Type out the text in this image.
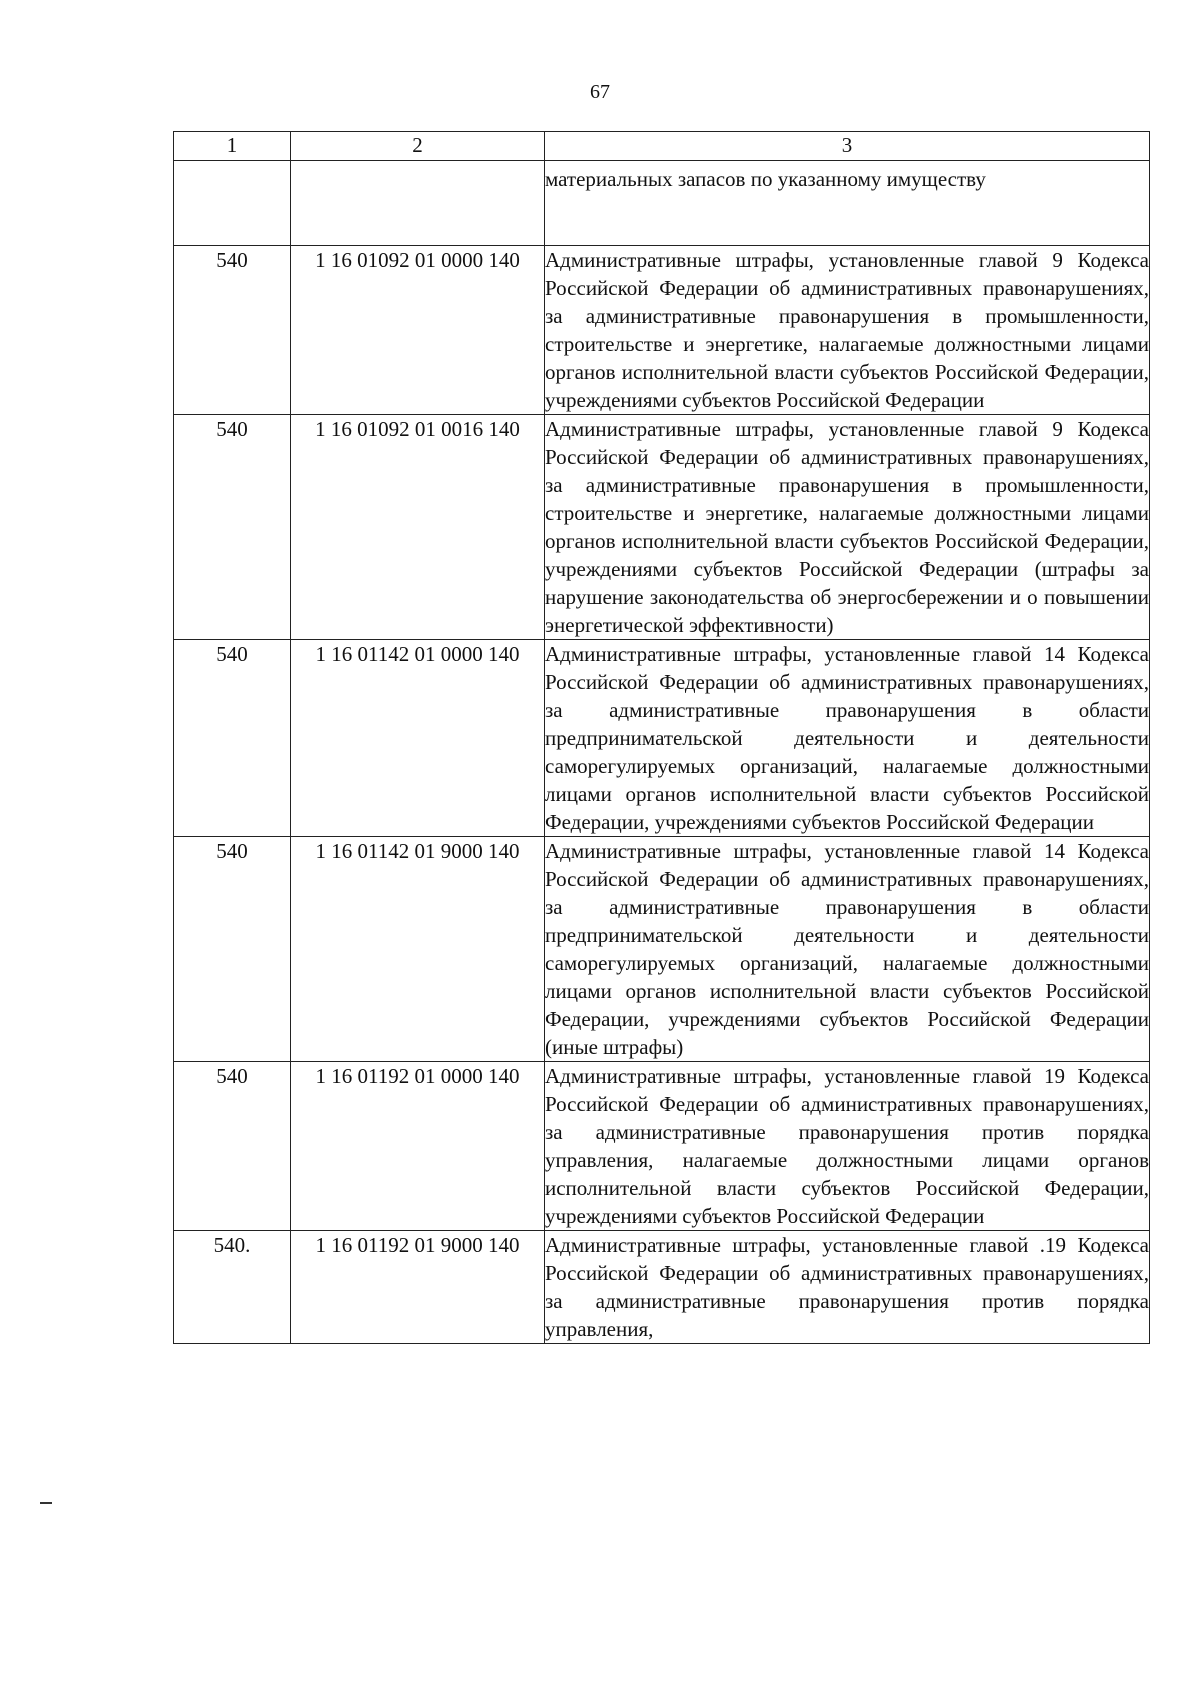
67
1	2	3
		материальных запасов по указанному имуществу
540	1 16 01092 01 0000 140	Административные штрафы, установленные главой 9 Кодекса Российской Федерации об административных правонарушениях, за административные правонарушения в промышленности, строительстве и энергетике, налагаемые должностными лицами органов исполнительной власти субъектов Российской Федерации, учреждениями субъектов Российской Федерации
540	1 16 01092 01 0016 140	Административные штрафы, установленные главой 9 Кодекса Российской Федерации об административных правонарушениях, за административные правонарушения в промышленности, строительстве и энергетике, налагаемые должностными лицами органов исполнительной власти субъектов Российской Федерации, учреждениями субъектов Российской Федерации (штрафы за нарушение законодательства об энергосбережении и о повышении энергетической эффективности)
540	1 16 01142 01 0000 140	Административные штрафы, установленные главой 14 Кодекса Российской Федерации об административных правонарушениях, за административные правонарушения в области предпринимательской деятельности и деятельности саморегулируемых организаций, налагаемые должностными лицами органов исполнительной власти субъектов Российской Федерации, учреждениями субъектов Российской Федерации
540	1 16 01142 01 9000 140	Административные штрафы, установленные главой 14 Кодекса Российской Федерации об административных правонарушениях, за административные правонарушения в области предпринимательской деятельности и деятельности саморегулируемых организаций, налагаемые должностными лицами органов исполнительной власти субъектов Российской Федерации, учреждениями субъектов Российской Федерации (иные штрафы)
540	1 16 01192 01 0000 140	Административные штрафы, установленные главой 19 Кодекса Российской Федерации об административных правонарушениях, за административные правонарушения против порядка управления, налагаемые должностными лицами органов исполнительной власти субъектов Российской Федерации, учреждениями субъектов Российской Федерации
540.	1 16 01192 01 9000 140	Административные штрафы, установленные главой .19 Кодекса Российской Федерации об административных правонарушениях, за административные правонарушения против порядка управления,
